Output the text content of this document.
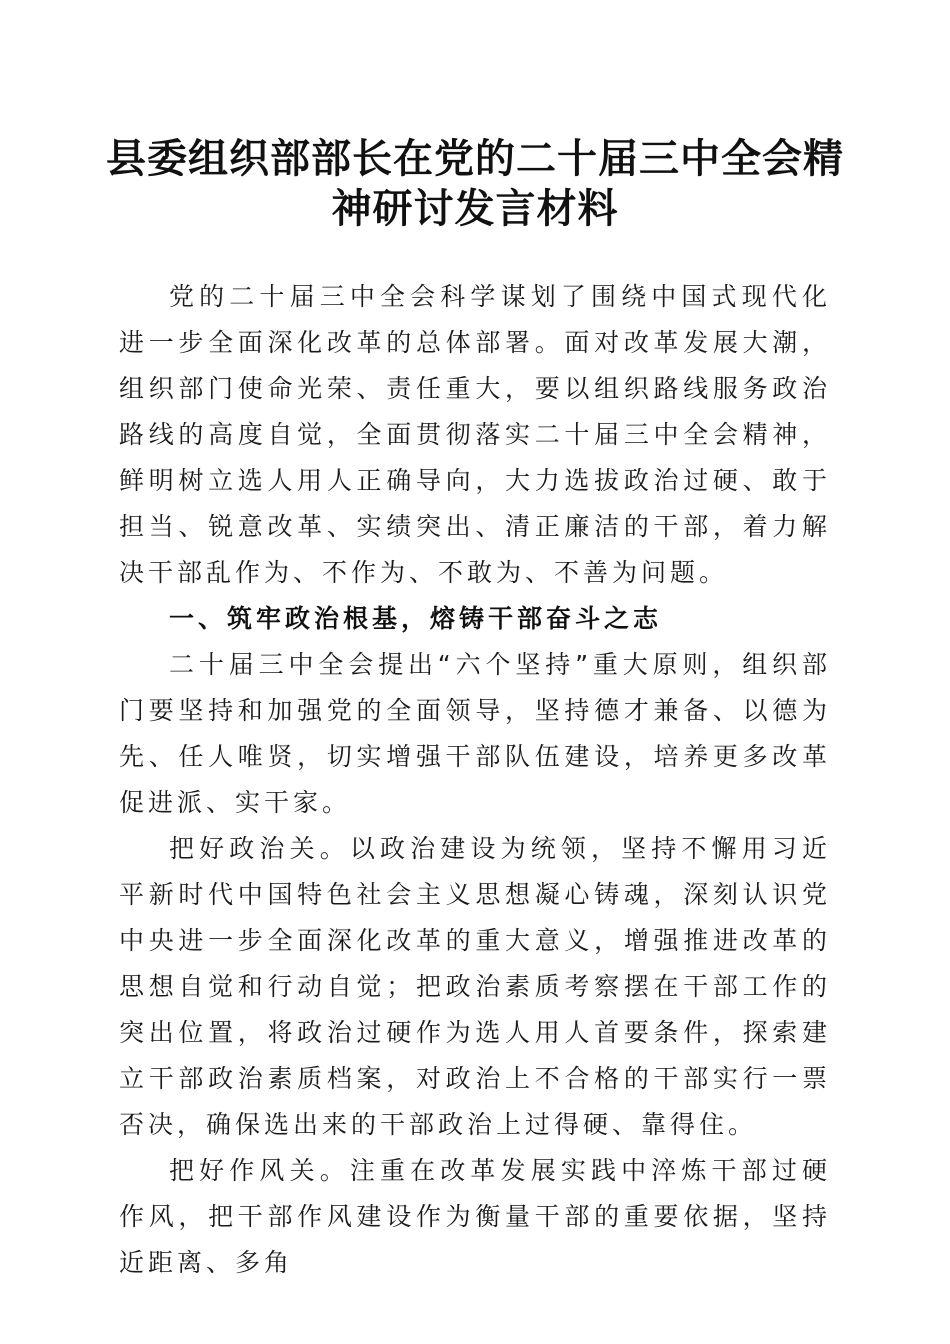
县委组织部部长在党的二十届三中全会精神研讨发言材料

党的二十届三中全会科学谋划了围绕中国式现代化进一步全面深化改革的总体部署。面对改革发展大潮，组织部门使命光荣、责任重大，要以组织路线服务政治路线的高度自觉，全面贯彻落实二十届三中全会精神，鲜明树立选人用人正确导向，大力选拔政治过硬、敢于担当、锐意改革、实绩突出、清正廉洁的干部，着力解决干部乱作为、不作为、不敢为、不善为问题。

一、筑牢政治根基，熔铸干部奋斗之志

二十届三中全会提出“六个坚持”重大原则，组织部门要坚持和加强党的全面领导，坚持德才兼备、以德为先、任人唯贤，切实增强干部队伍建设，培养更多改革促进派、实干家。

把好政治关。以政治建设为统领，坚持不懈用习近平新时代中国特色社会主义思想凝心铸魂，深刻认识党中央进一步全面深化改革的重大意义，增强推进改革的思想自觉和行动自觉；把政治素质考察摆在干部工作的突出位置，将政治过硬作为选人用人首要条件，探索建立干部政治素质档案，对政治上不合格的干部实行一票否决，确保选出来的干部政治上过得硬、靠得住。

把好作风关。注重在改革发展实践中淬炼干部过硬作风，把干部作风建设作为衡量干部的重要依据，坚持近距离、多角
